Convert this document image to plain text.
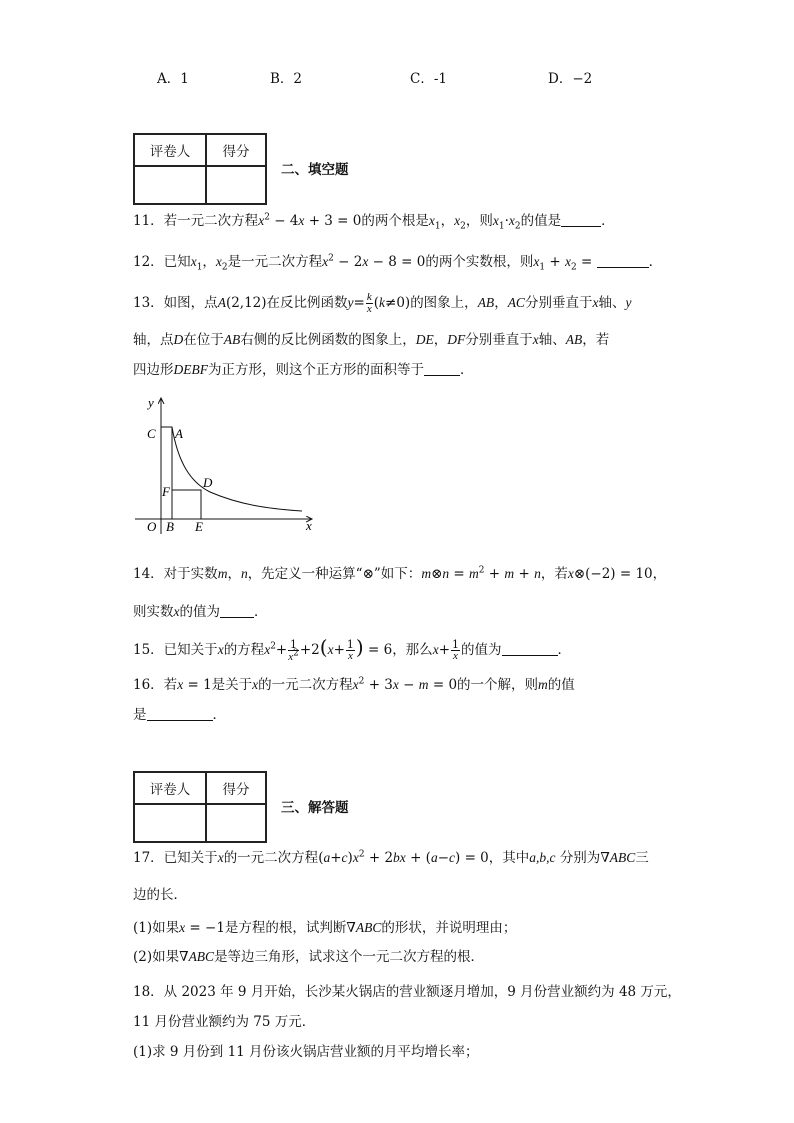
A．1	B．2	C．-1	D．−2
评卷人	得分

二、填空题
11．若一元二次方程$x^2 - 4x + 3 = 0$的两个根是$x_1$，$x_2$，则$x_1\cdot x_2$的值是	．
12．已知$x_1$，$x_2$是一元二次方程$x^2 - 2x - 8 = 0$的两个实数根，则$x_1 + x_2$ =	．
13．如图，点A(2,12)在反比例函数$y= \frac{k}{x} (k\ne 0)$的图象上，AB，AC分别垂直于x轴、y
轴，点D在位于AB右侧的反比例函数的图象上，DE，DF分别垂直于x轴、AB，若
四边形DEBF为正方形，则这个正方形的面积等于	．
y
C A
F
D
O B E	x
14．对于实数m，n，先定义一种运算“⊗”如下：m⊗n = $m^2 + m + n$，若x⊗(−2) = 10，
则实数x的值为	．
15．已知关于x的方程$x^2+ \frac{1}{x^2} +2(x+ \frac{1}{x}$ ) = 6，那么$x+ \frac{1}{x}$ 的值为	．
16．若x = 1是关于x的一元二次方程$x^2 + 3x - m = 0$的一个解，则m的值
是	．
评卷人	得分

三、解答题
17．已知关于x的一元二次方程$(a+c)x^2 + 2bx + (a-c) = 0$，其中a,b,c 分别为∇ABC三
边的长．
(1)如果x = −1是方程的根，试判断∇ABC的形状，并说明理由；
(2)如果∇ABC是等边三角形，试求这个一元二次方程的根．
18．从 2023 年 9 月开始，长沙某火锅店的营业额逐月增加，9 月份营业额约为 48 万元，
11 月份营业额约为 75 万元．
(1)求 9 月份到 11 月份该火锅店营业额的月平均增长率；
